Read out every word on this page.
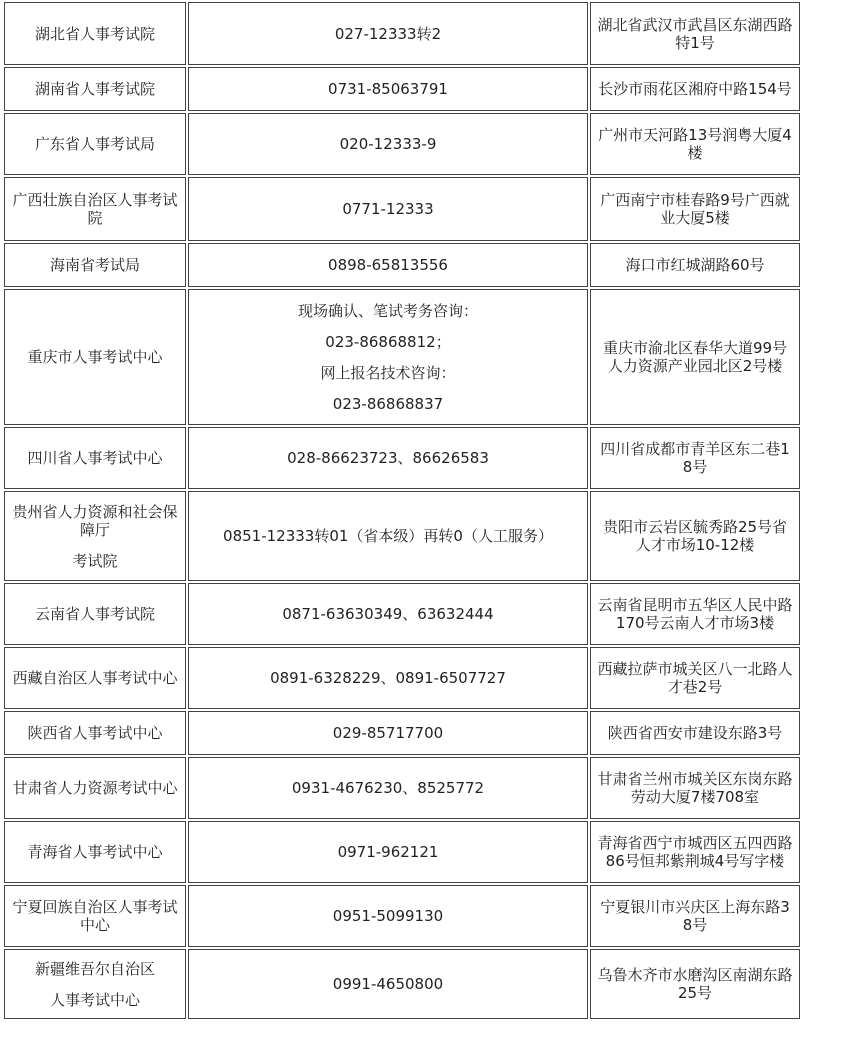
湖北省人事考试院	027-12333转2	湖北省武汉市武昌区东湖西路特1号

湖南省人事考试院	0731-85063791	长沙市雨花区湘府中路154号

广东省人事考试局	020-12333-9	广州市天河路13号润粤大厦4楼

广西壮族自治区人事考试院	0771-12333	广西南宁市桂春路9号广西就业大厦5楼

海南省考试局	0898-65813556	海口市红城湖路60号

重庆市人事考试中心	现场确认、笔试考务咨询：
023-86868812；
网上报名技术咨询：
023-86868837	重庆市渝北区春华大道99号人力资源产业园北区2号楼

四川省人事考试中心	028-86623723、86626583	四川省成都市青羊区东二巷18号

贵州省人力资源和社会保障厅
考试院	0851-12333转01（省本级）再转0（人工服务）	贵阳市云岩区毓秀路25号省人才市场10-12楼

云南省人事考试院	0871-63630349、63632444	云南省昆明市五华区人民中路170号云南人才市场3楼

西藏自治区人事考试中心	0891-6328229、0891-6507727	西藏拉萨市城关区八一北路人才巷2号

陕西省人事考试中心	029-85717700	陕西省西安市建设东路3号

甘肃省人力资源考试中心	0931-4676230、8525772	甘肃省兰州市城关区东岗东路劳动大厦7楼708室

青海省人事考试中心	0971-962121	青海省西宁市城西区五四西路86号恒邦紫荆城4号写字楼

宁夏回族自治区人事考试中心	0951-5099130	宁夏银川市兴庆区上海东路38号

新疆维吾尔自治区
人事考试中心	0991-4650800	乌鲁木齐市水磨沟区南湖东路25号
